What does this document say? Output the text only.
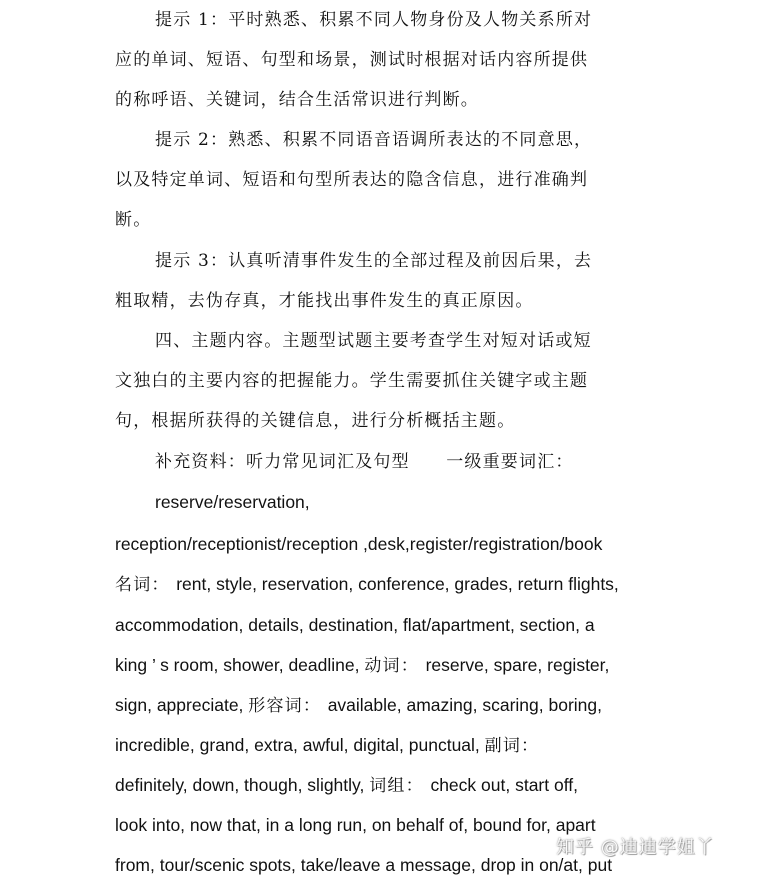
提示 1：平时熟悉、积累不同人物身份及人物关系所对
应的单词、短语、句型和场景，测试时根据对话内容所提供
的称呼语、关键词，结合生活常识进行判断。
提示 2：熟悉、积累不同语音语调所表达的不同意思，
以及特定单词、短语和句型所表达的隐含信息，进行准确判
断。
提示 3：认真听清事件发生的全部过程及前因后果，去
粗取精，去伪存真，才能找出事件发生的真正原因。
四、主题内容。主题型试题主要考查学生对短对话或短
文独白的主要内容的把握能力。学生需要抓住关键字或主题
句，根据所获得的关键信息，进行分析概括主题。
补充资料：听力常见词汇及句型　　一级重要词汇：
reserve/reservation,
reception/receptionist/reception ,desk,register/registration/book
名词： rent, style, reservation, conference, grades, return flights,
accommodation, details, destination, flat/apartment, section, a
king ’ s room, shower, deadline, 动词： reserve, spare, register,
sign, appreciate, 形容词： available, amazing, scaring, boring,
incredible, grand, extra, awful, digital, punctual, 副词：
definitely, down, though, slightly, 词组： check out, start off,
look into, now that, in a long run, on behalf of, bound for, apart
from, tour/scenic spots, take/leave a message, drop in on/at, put
知乎 @迪迪学姐丫
